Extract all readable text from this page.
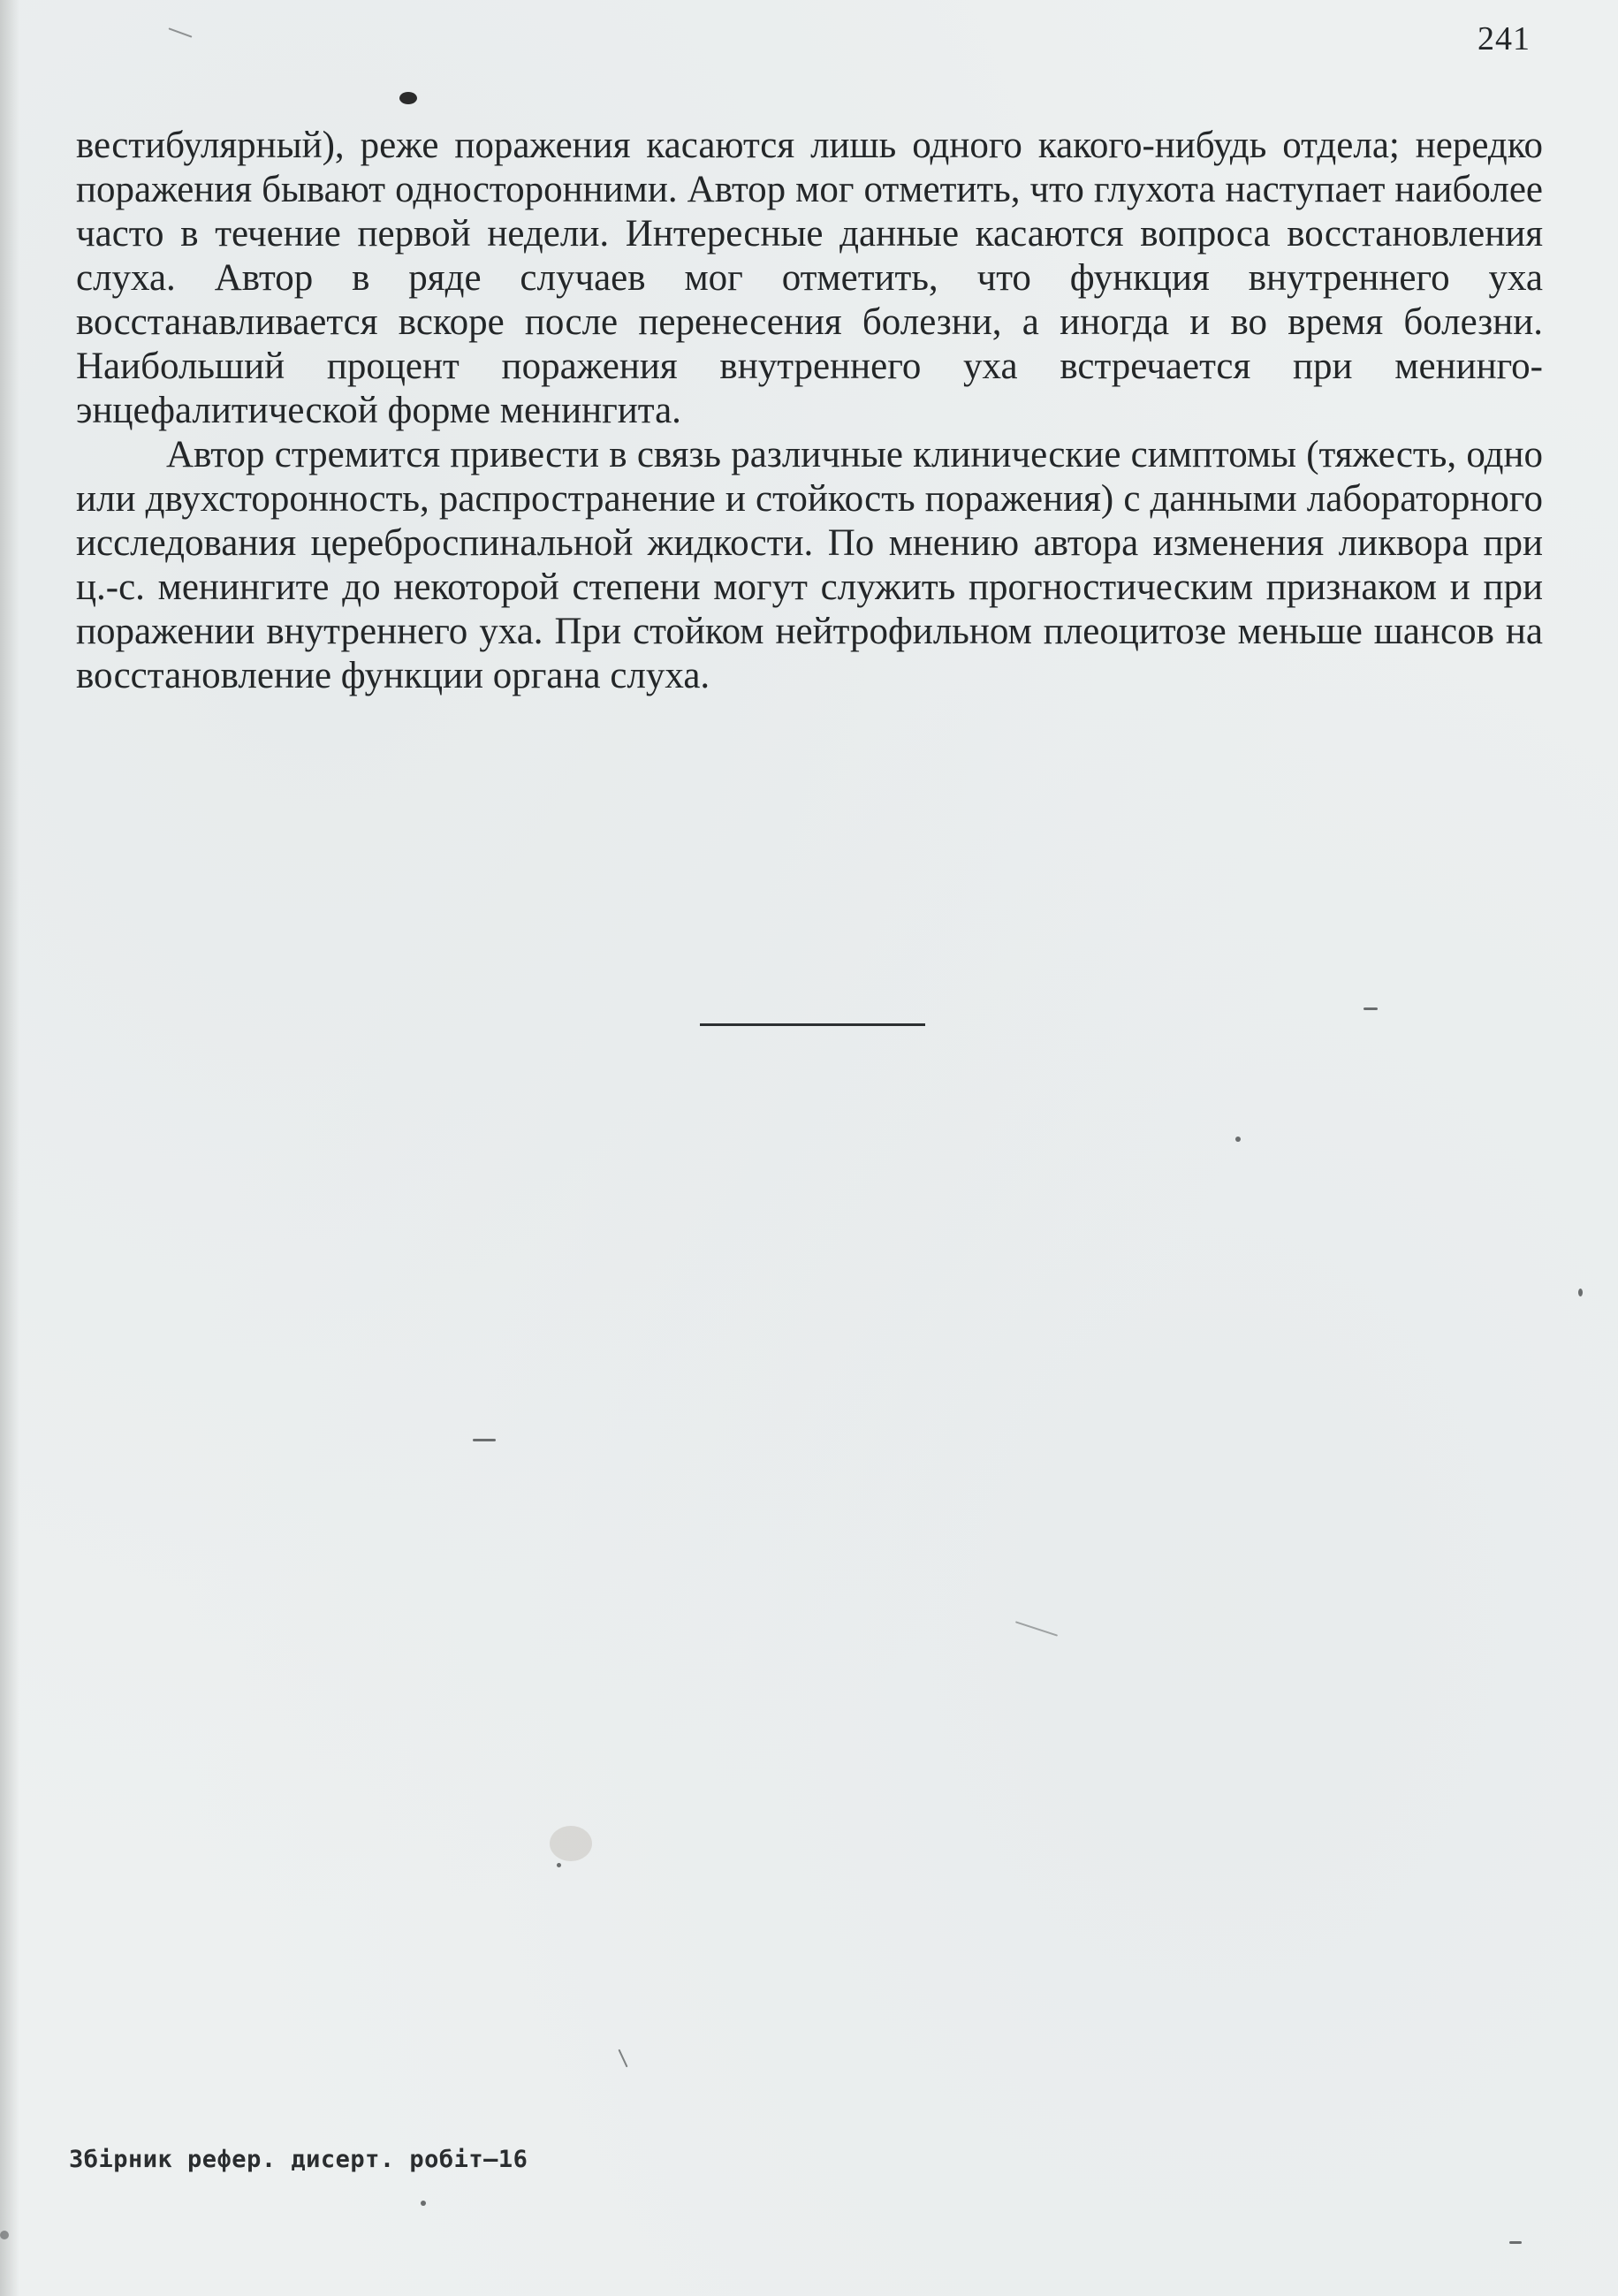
241

вестибулярный), реже поражения касаются лишь одного какого-нибудь отдела; нередко поражения бывают односторонними. Автор мог отметить, что глухота наступает наиболее часто в течение первой недели. Интересные данные касаются вопроса восстановления слуха. Автор в ряде случаев мог отметить, что функция внутреннего уха восстанавливается вскоре после перенесения болезни, а иногда и во время болезни. Наибольший процент поражения внутреннего уха встречается при менинго-энцефалитической форме менингита.

Автор стремится привести в связь различные клинические симптомы (тяжесть, одно или двухсторонность, распространение и стойкость поражения) с данными лабораторного исследования цереброспинальной жидкости. По мнению автора изменения ликвора при ц.-с. менингите до некоторой степени могут служить прогностическим признаком и при поражении внутреннего уха. При стойком нейтрофильном плеоцитозе меньше шансов на восстановление функции органа слуха.

Збірник рефер. дисерт. робіт—16
